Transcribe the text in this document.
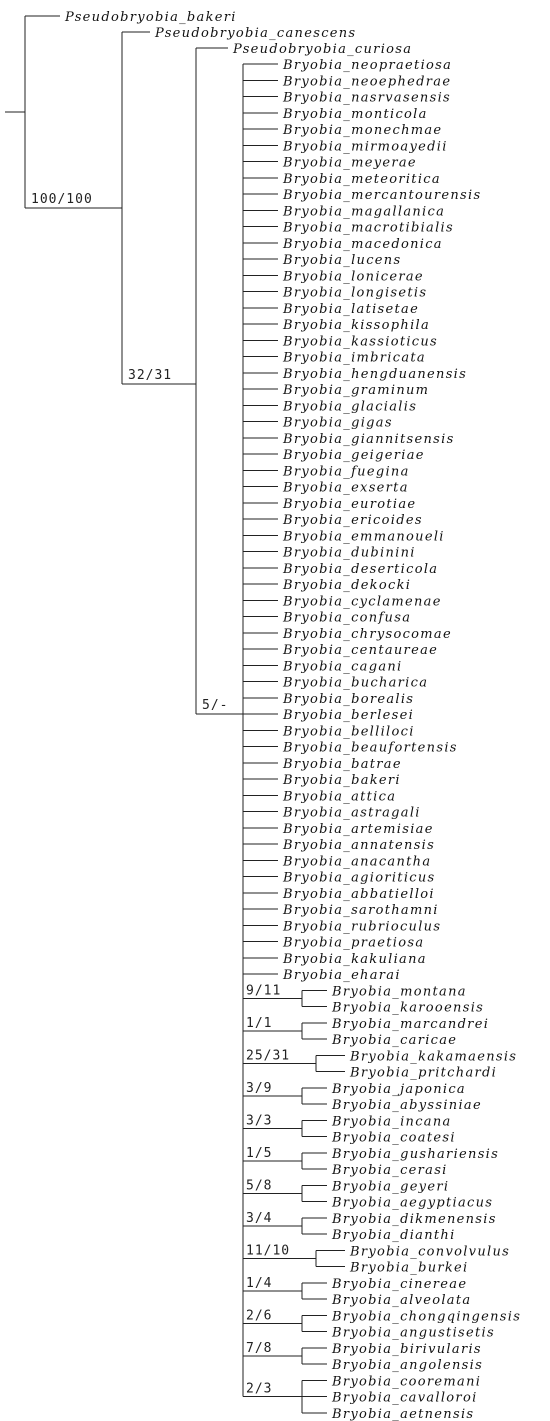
Pseudobryobia_bakeri
100/100
Pseudobryobia_canescens
32/31
Pseudobryobia_curiosa
5/-
Bryobia_neopraetiosa
Bryobia_neoephedrae
Bryobia_nasrvasensis
Bryobia_monticola
Bryobia_monechmae
Bryobia_mirmoayedii
Bryobia_meyerae
Bryobia_meteoritica
Bryobia_mercantourensis
Bryobia_magallanica
Bryobia_macrotibialis
Bryobia_macedonica
Bryobia_lucens
Bryobia_lonicerae
Bryobia_longisetis
Bryobia_latisetae
Bryobia_kissophila
Bryobia_kassioticus
Bryobia_imbricata
Bryobia_hengduanensis
Bryobia_graminum
Bryobia_glacialis
Bryobia_gigas
Bryobia_giannitsensis
Bryobia_geigeriae
Bryobia_fuegina
Bryobia_exserta
Bryobia_eurotiae
Bryobia_ericoides
Bryobia_emmanoueli
Bryobia_dubinini
Bryobia_deserticola
Bryobia_dekocki
Bryobia_cyclamenae
Bryobia_confusa
Bryobia_chrysocomae
Bryobia_centaureae
Bryobia_cagani
Bryobia_bucharica
Bryobia_borealis
Bryobia_berlesei
Bryobia_belliloci
Bryobia_beaufortensis
Bryobia_batrae
Bryobia_bakeri
Bryobia_attica
Bryobia_astragali
Bryobia_artemisiae
Bryobia_annatensis
Bryobia_anacantha
Bryobia_agioriticus
Bryobia_abbatielloi
Bryobia_sarothamni
Bryobia_rubrioculus
Bryobia_praetiosa
Bryobia_kakuliana
Bryobia_eharai
9/11	Bryobia_montana
Bryobia_karooensis
1/1	Bryobia_marcandrei
Bryobia_caricae
25/31	Bryobia_kakamaensis
Bryobia_pritchardi
3/9	Bryobia_japonica
Bryobia_abyssiniae
3/3	Bryobia_incana
Bryobia_coatesi
1/5	Bryobia_gushariensis
Bryobia_cerasi
5/8	Bryobia_geyeri
Bryobia_aegyptiacus
3/4	Bryobia_dikmenensis
Bryobia_dianthi
11/10	Bryobia_convolvulus
Bryobia_burkei
1/4	Bryobia_cinereae
Bryobia_alveolata
2/6	Bryobia_chongqingensis
Bryobia_angustisetis
7/8	Bryobia_birivularis
Bryobia_angolensis
2/3	Bryobia_cooremani
Bryobia_cavalloroi
Bryobia_aetnensis
